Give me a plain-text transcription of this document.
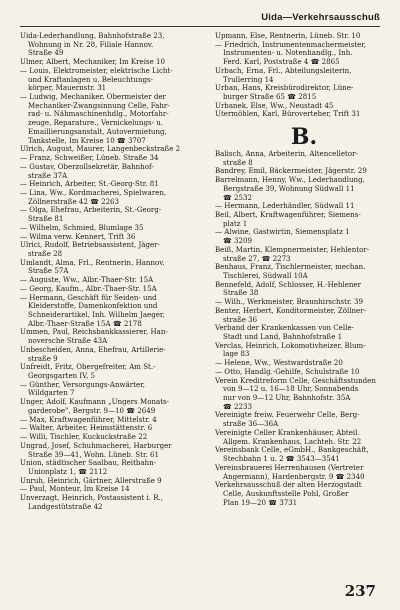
Uida—Verkehrsausschuß
Uida-Lederhandlung, Bahnhofstraße 23,
Wohnung in Nr. 28, Filiale Hannov.
Straße 49
Ulmer, Albert, Mechaniker, Im Kreise 10
— Louis, Elektromeister, elektrische Licht-
und Kraftanlagen u. Beleuchtungs-
körper, Mauernstr. 31
— Ludwig, Mechaniker, Obermeister der
Mechaniker-Zwangsinnung Celle, Fahr-
rad- u. Nähmaschinenhdlg., Motorfahr-
zeuge, Reparature., Vernickelungs- u.
Emaillierungsanstalt, Autovermietung,
Tankstelle, Im Kreise 10 ☎ 3707
Ulrich, August, Maurer, Langenbeckstraße 2
— Franz, Schweißer, Lüneb. Straße 34
— Gustav, Oberzollsekretär, Bahnhof-
straße 37A
— Heinrich, Arbeiter, St.-Georg-Str. 81
— Lina, Ww., Kordmacherei, Spielwaren,
Zöllnerstraße 42 ☎ 2263
— Olga, Ehefrau, Arbeiterin, St.-Georg-
Straße 81
— Wilhelm, Schmied, Blumlage 35
— Wilma verw. Kennert, Trift 36
Ulrici, Rudolf, Betriebsassistent, Jäger-
straße 28
Umlandt, Alma, Frl., Rentnerin, Hannov.
Straße 57A
— Auguste, Ww., Albr.-Thaer-Str. 15A
— Georg, Kaufm., Albr.-Thaer-Str. 15A
— Hermann, Geschäft für Seiden- und
Kleiderstoffe, Damenkonfektion und
Schneiderartikel, Inh. Wilhelm Jaeger,
Albr.-Thaer-Straße 15A ☎ 2178
Ummen, Paul, Reichsbankkassierer, Han-
noversche Straße 43A
Unbescheiden, Anna, Ehefrau, Artillerie-
straße 9
Unfreidt, Fritz, Obergefreiter, Am St.-
Georgsgarten IV, 5
— Günther, Versorgungs-Anwärter,
Wildgarten 7
Unger, Adolf, Kaufmann „Ungers Monats-
garderobe", Bergstr. 9—10 ☎ 2649
— Max, Kraftwagenführer, Mittelstr. 4
— Walter, Arbeiter, Heimstättenstr. 6
— Willi, Tischler, Kuckuckstraße 22
Ungrad, Josef, Schuhmacherei, Harburger
Straße 39—41, Wohn. Lüneb. Str. 61
Union, städtischer Saalbau, Reitbahn-
Unionplatz 1, ☎ 2112
Unruh, Heinrich, Gärtner, Allerstraße 9
— Paul, Monteur, Im Kreise 14
Unverzagt, Heinrich, Postassistent i. R.,
Landgestütstraße 42
Upmann, Else, Rentnerin, Lüneb. Str. 10
— Friedrich, Instrumentenmachermeister,
Instrumenten- u. Notenhandlg., Inh.
Ferd. Karl, Poststraße 4 ☎ 2865
Urbach, Erna, Frl., Abteilungsleiterin,
Trullerring 14
Urban, Hans, Kreisbürodirektor, Lüne-
burger Straße 65 ☎ 2815
Urbanek, Else, Ww., Neustadt 45
Utermöhlen, Karl, Büroverteher, Trift 31
B.
Balisch, Anna, Arbeiterin, Altencelletor-
straße 8
Bandrey, Emil, Bäckermeister, Jägerstr. 29
Barrelmann, Henny, Ww., Lederhandlung,
Bergstraße 39, Wohnung Südwall 11
☎ 2532
— Hermann, Lederhändler, Südwall 11
Beil, Albert, Kraftwagenführer, Siemens-
platz 1
— Alwine, Gastwirtin, Siemensplatz 1
☎ 3209
Beiß, Martin, Klempnermeister, Hehlentor-
straße 27, ☎ 2273
Benhaus, Franz, Tischlermeister, mechan.
Tischlerei, Südwall 10A
Bennefeld, Adolf, Schlosser, H.-Hehlener
Straße 38
— Wilh., Werkmeister, Braunhirschstr. 39
Benter, Herbert, Konditormeister, Zöllner-
straße 36
Verband der Krankenkassen von Celle-
Stadt und Land, Bahnhofstraße 1
Verclas, Heinrich, Lokomotivheizer, Blum-
lage 83
— Helene, Ww., Westwardstraße 20
— Otto, Handlg.-Gehilfe, Schulstraße 10
Verein Kreditreform Celle, Geschäftsstunden
von 9—12 u. 16—18 Uhr, Sonnabends
nur von 9—12 Uhr, Bahnhofstr. 35A
☎ 2233
Vereinigte freiw. Feuerwehr Celle, Berg-
straße 36—36A
Vereinigte Celler Krankenhäuser, Abteil.
Allgem. Krankenhaus, Lachteh. Str. 22
Vereinsbank Celle, eGmbH., Bankgeschäft,
Stechbahn 1 u. 2 ☎ 3543—3541
Vereinsbrauerei Herrenhausen (Vertreter
Angermann), Hardenbergstr. 9 ☎ 2340
Verkehrsausschuß der alten Herzogstadt
Celle, Auskunftsstelle Pohl, Großer
Plan 19—20 ☎ 3731
237
